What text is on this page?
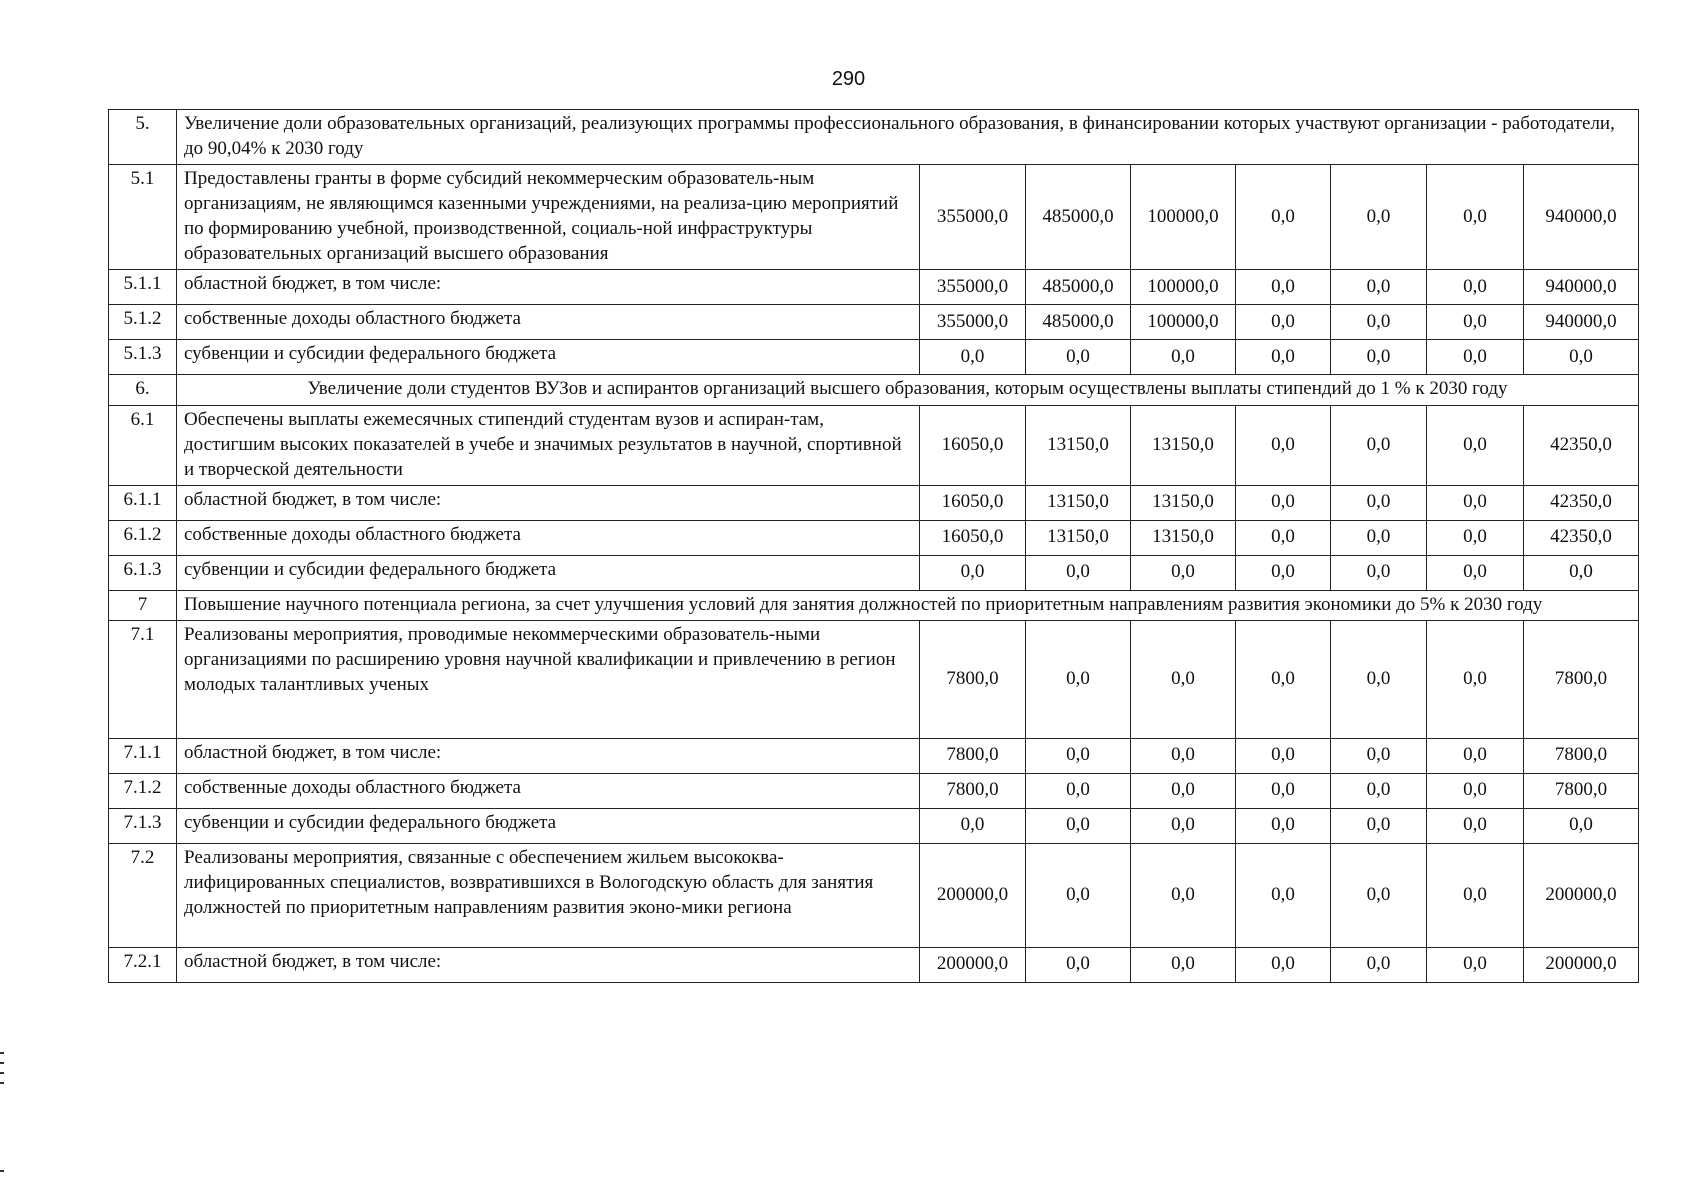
290
5.	Увеличение доли образовательных организаций, реализующих программы профессионального образования, в финансировании которых участвуют организации - работодатели, до 90,04% к 2030 году							
5.1	Предоставлены гранты в форме субсидий некоммерческим образователь-ным организациям, не являющимся казенными учреждениями, на реализа-цию мероприятий по формированию учебной, производственной, социаль-ной инфраструктуры образовательных организаций высшего образования	355000,0	485000,0	100000,0	0,0	0,0	0,0	940000,0
5.1.1	областной бюджет, в том числе:	355000,0	485000,0	100000,0	0,0	0,0	0,0	940000,0
5.1.2	собственные доходы областного бюджета	355000,0	485000,0	100000,0	0,0	0,0	0,0	940000,0
5.1.3	субвенции и субсидии федерального бюджета	0,0	0,0	0,0	0,0	0,0	0,0	0,0
6.	Увеличение доли студентов ВУЗов и аспирантов организаций высшего образования, которым осуществлены выплаты стипендий до 1 % к 2030 году							
6.1	Обеспечены выплаты ежемесячных стипендий студентам вузов и аспиран-там, достигшим высоких показателей в учебе и значимых результатов в научной, спортивной и творческой деятельности	16050,0	13150,0	13150,0	0,0	0,0	0,0	42350,0
6.1.1	областной бюджет, в том числе:	16050,0	13150,0	13150,0	0,0	0,0	0,0	42350,0
6.1.2	собственные доходы областного бюджета	16050,0	13150,0	13150,0	0,0	0,0	0,0	42350,0
6.1.3	субвенции и субсидии федерального бюджета	0,0	0,0	0,0	0,0	0,0	0,0	0,0
7	Повышение научного потенциала региона, за счет улучшения условий для занятия должностей по приоритетным направлениям развития экономики до 5% к 2030 году							
7.1	Реализованы мероприятия, проводимые некоммерческими образователь-ными организациями по расширению уровня научной квалификации и привлечению в регион молодых талантливых ученых	7800,0	0,0	0,0	0,0	0,0	0,0	7800,0
7.1.1	областной бюджет, в том числе:	7800,0	0,0	0,0	0,0	0,0	0,0	7800,0
7.1.2	собственные доходы областного бюджета	7800,0	0,0	0,0	0,0	0,0	0,0	7800,0
7.1.3	субвенции и субсидии федерального бюджета	0,0	0,0	0,0	0,0	0,0	0,0	0,0
7.2	Реализованы мероприятия, связанные с обеспечением жильем высококва-лифицированных специалистов, возвратившихся в Вологодскую область для занятия должностей по приоритетным направлениям развития эконо-мики региона	200000,0	0,0	0,0	0,0	0,0	0,0	200000,0
7.2.1	областной бюджет, в том числе:	200000,0	0,0	0,0	0,0	0,0	0,0	200000,0
